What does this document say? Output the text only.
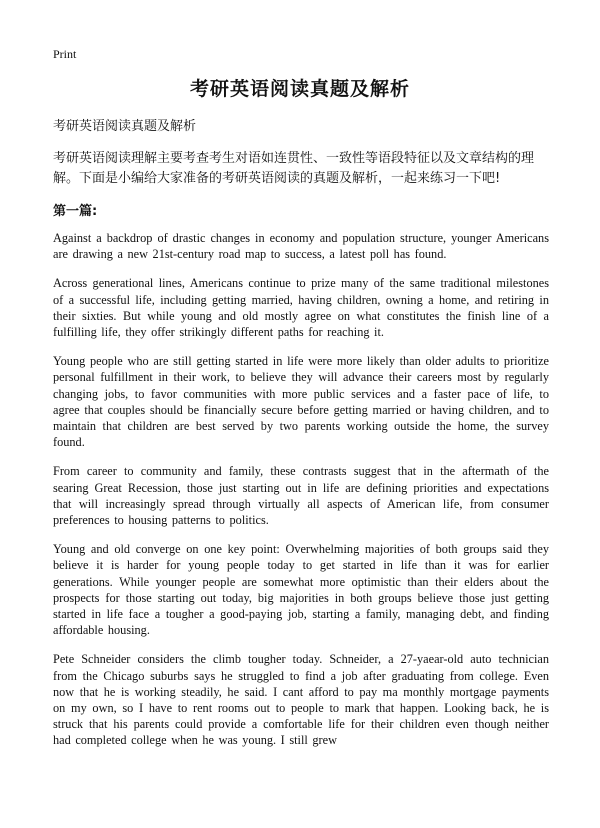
Print
考研英语阅读真题及解析
考研英语阅读真题及解析

考研英语阅读理解主要考查考生对语如连贯性、一致性等语段特征以及文章结构的理解。下面是小编给大家准备的考研英语阅读的真题及解析，一起来练习一下吧!

第一篇:

Against a backdrop of drastic changes in economy and population structure, younger Americans are drawing a new 21st-century road map to success, a latest poll has found.

Across generational lines, Americans continue to prize many of the same traditional milestones of a successful life, including getting married, having children, owning a home, and retiring in their sixties. But while young and old mostly agree on what constitutes the finish line of a fulfilling life, they offer strikingly different paths for reaching it.

Young people who are still getting started in life were more likely than older adults to prioritize personal fulfillment in their work, to believe they will advance their careers most by regularly changing jobs, to favor communities with more public services and a faster pace of life, to agree that couples should be financially secure before getting married or having children, and to maintain that children are best served by two parents working outside the home, the survey found.

From career to community and family, these contrasts suggest that in the aftermath of the searing Great Recession, those just starting out in life are defining priorities and expectations that will increasingly spread through virtually all aspects of American life, from consumer preferences to housing patterns to politics.

Young and old converge on one key point: Overwhelming majorities of both groups said they believe it is harder for young people today to get started in life than it was for earlier generations. While younger people are somewhat more optimistic than their elders about the prospects for those starting out today, big majorities in both groups believe those just getting started in life face a tougher a good-paying job, starting a family, managing debt, and finding affordable housing.

Pete Schneider considers the climb tougher today. Schneider, a 27-yaear-old auto technician from the Chicago suburbs says he struggled to find a job after graduating from college. Even now that he is working steadily, he said. I cant afford to pay ma monthly mortgage payments on my own, so I have to rent rooms out to people to mark that happen. Looking back, he is struck that his parents could provide a comfortable life for their children even though neither had completed college when he was young. I still grew
